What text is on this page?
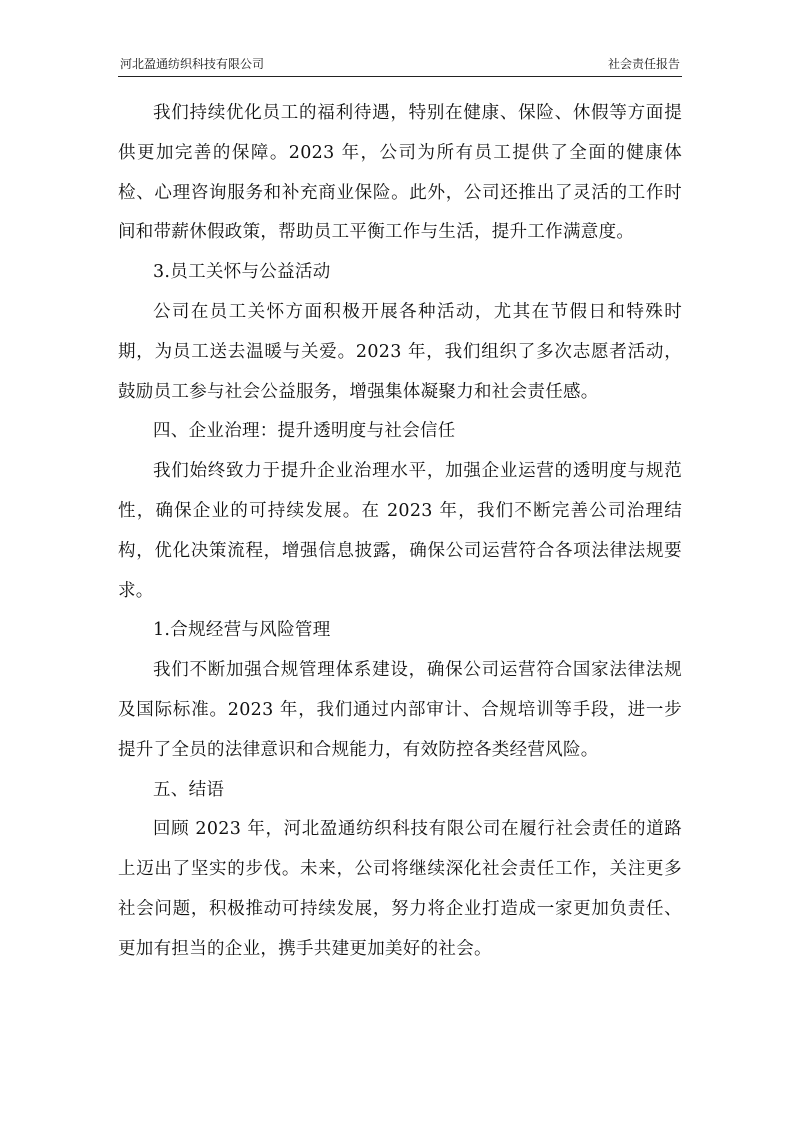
河北盈通纺织科技有限公司	社会责任报告

我们持续优化员工的福利待遇，特别在健康、保险、休假等方面提供更加完善的保障。2023 年，公司为所有员工提供了全面的健康体检、心理咨询服务和补充商业保险。此外，公司还推出了灵活的工作时间和带薪休假政策，帮助员工平衡工作与生活，提升工作满意度。

3.员工关怀与公益活动

公司在员工关怀方面积极开展各种活动，尤其在节假日和特殊时期，为员工送去温暖与关爱。2023 年，我们组织了多次志愿者活动，鼓励员工参与社会公益服务，增强集体凝聚力和社会责任感。

四、企业治理：提升透明度与社会信任

我们始终致力于提升企业治理水平，加强企业运营的透明度与规范性，确保企业的可持续发展。在 2023 年，我们不断完善公司治理结构，优化决策流程，增强信息披露，确保公司运营符合各项法律法规要求。

1.合规经营与风险管理

我们不断加强合规管理体系建设，确保公司运营符合国家法律法规及国际标准。2023 年，我们通过内部审计、合规培训等手段，进一步提升了全员的法律意识和合规能力，有效防控各类经营风险。

五、结语

回顾 2023 年，河北盈通纺织科技有限公司在履行社会责任的道路上迈出了坚实的步伐。未来，公司将继续深化社会责任工作，关注更多社会问题，积极推动可持续发展，努力将企业打造成一家更加负责任、更加有担当的企业，携手共建更加美好的社会。
